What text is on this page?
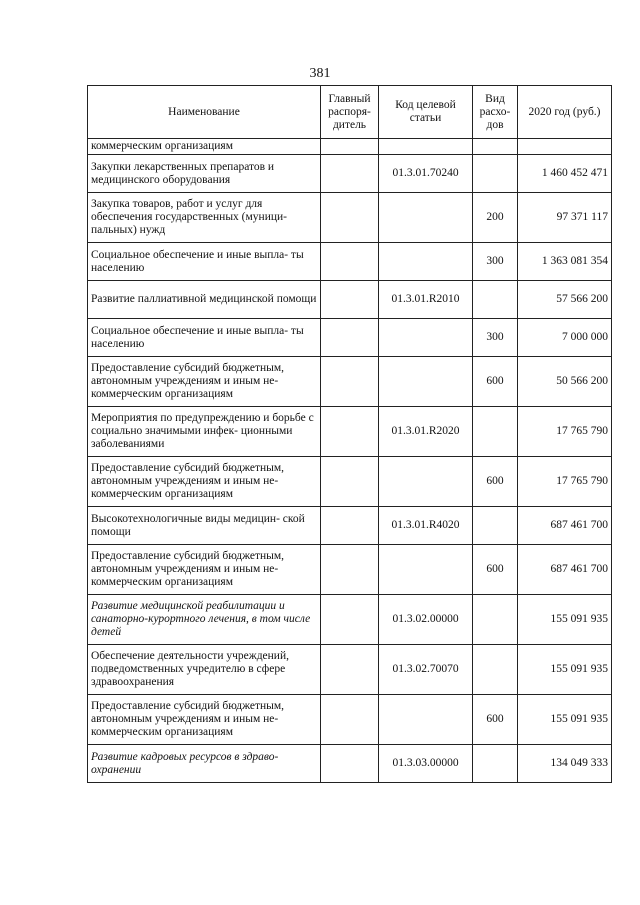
381
Наименование	Главный распоря- дитель	Код целевой статьи	Вид расхо- дов	2020 год (руб.)
коммерческим организациям				
Закупки лекарственных препаратов и медицинского оборудования		01.3.01.70240		1 460 452 471
Закупка товаров, работ и услуг для обеспечения государственных (муници- пальных) нужд			200	97 371 117
Социальное обеспечение и иные выпла- ты населению			300	1 363 081 354
Развитие паллиативной медицинской помощи		01.3.01.R2010		57 566 200
Социальное обеспечение и иные выпла- ты населению			300	7 000 000
Предоставление субсидий бюджетным, автономным учреждениям и иным не- коммерческим организациям			600	50 566 200
Мероприятия по предупреждению и борьбе с социально значимыми инфек- ционными заболеваниями		01.3.01.R2020		17 765 790
Предоставление субсидий бюджетным, автономным учреждениям и иным не- коммерческим организациям			600	17 765 790
Высокотехнологичные виды медицин- ской помощи		01.3.01.R4020		687 461 700
Предоставление субсидий бюджетным, автономным учреждениям и иным не- коммерческим организациям			600	687 461 700
Развитие медицинской реабилитации и санаторно-курортного лечения, в том числе детей		01.3.02.00000		155 091 935
Обеспечение деятельности учреждений, подведомственных учредителю в сфере здравоохранения		01.3.02.70070		155 091 935
Предоставление субсидий бюджетным, автономным учреждениям и иным не- коммерческим организациям			600	155 091 935
Развитие кадровых ресурсов в здраво- охранении		01.3.03.00000		134 049 333
